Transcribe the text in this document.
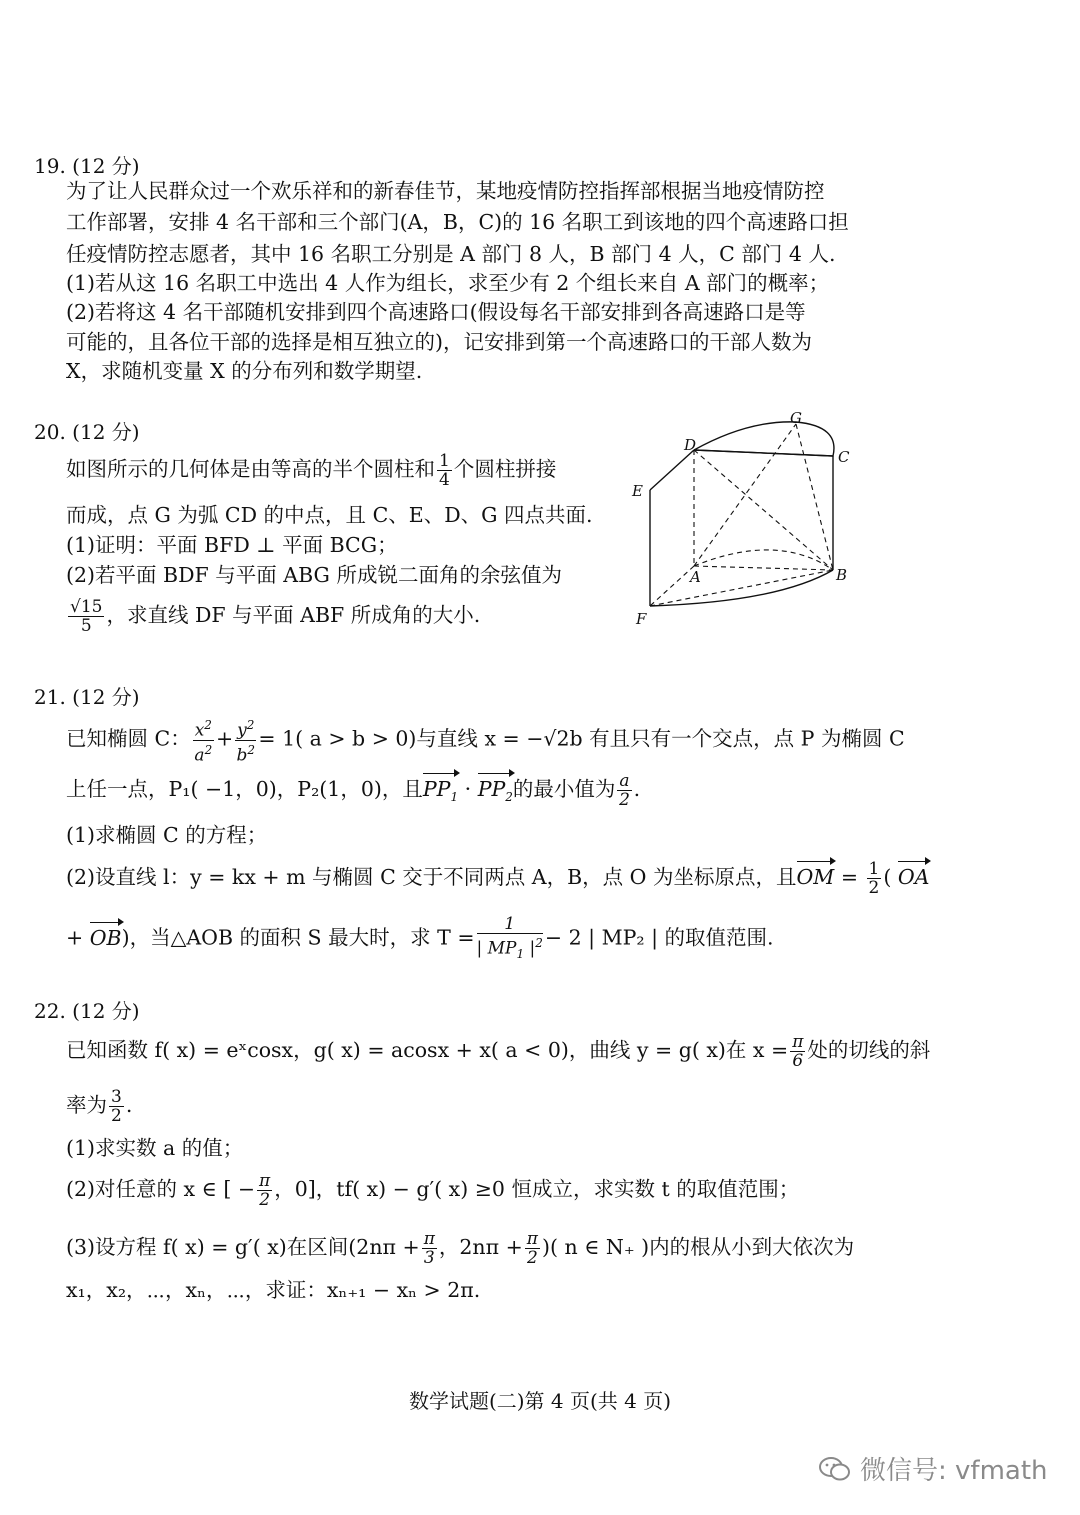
19. (12 分)
为了让人民群众过一个欢乐祥和的新春佳节，某地疫情防控指挥部根据当地疫情防控
工作部署，安排 4 名干部和三个部门(A，B，C)的 16 名职工到该地的四个高速路口担
任疫情防控志愿者，其中 16 名职工分别是 A 部门 8 人，B 部门 4 人，C 部门 4 人.
(1)若从这 16 名职工中选出 4 人作为组长，求至少有 2 个组长来自 A 部门的概率；
(2)若将这 4 名干部随机安排到四个高速路口(假设每名干部安排到各高速路口是等
可能的，且各位干部的选择是相互独立的)，记安排到第一个高速路口的干部人数为
X，求随机变量 X 的分布列和数学期望.
20. (12 分)
如图所示的几何体是由等高的半个圆柱和 $\frac{1}{4}$ 个圆柱拼接
而成，点 G 为弧 CD 的中点，且 C、E、D、G 四点共面.
(1)证明：平面 BFD ⊥ 平面 BCG；
(2)若平面 BDF 与平面 ABG 所成锐二面角的余弦值为
$\frac{√15}{5}$ ，求直线 DF 与平面 ABF 所成角的大小.
D
G
C
E
A	B
F
21. (12 分)
已知椭圆 C： $\frac{x^2}{a^2} + \frac{y^2}{b^2} = 1$( a > b > 0)与直线 x = −√2b 有且只有一个交点，点 P 为椭圆 C
上任一点，P₁( −1，0)，P₂(1，0)，且$PP_1 \cdot PP_2$的最小值为 $\frac{a}{2}$ .
(1)求椭圆 C 的方程；
(2)设直线 l：y = kx + m 与椭圆 C 交于不同两点 A，B，点 O 为坐标原点，且OM = $\frac{1}{2}$ ( OA
+ OB)，当△AOB 的面积 S 最大时，求 $T = \frac{1}{| MP_1 |^2} - 2$ | MP₂ | 的取值范围.
22. (12 分)
已知函数 f( x) = eˣcosx，g( x) = acosx + x( a < 0)，曲线 y = g( x)在 $x = \frac{\pi}{6}$ 处的切线的斜
率为 $\frac{3}{2}$ .
(1)求实数 a 的值；
(2)对任意的 x ∈ [ − $\frac{\pi}{2}$ ，0]，tf( x) − g′( x) ≥0 恒成立，求实数 t 的取值范围；
(3)设方程 f( x) = g′( x)在区间($2n\pi + \frac{\pi}{3}$ ，$2n\pi + \frac{\pi}{2}$ )( n ∈ N₊ )内的根从小到大依次为
x₁，x₂，⋯，xₙ，⋯，求证：xₙ₊₁ − xₙ > 2π.
数学试题(二)第 4 页(共 4 页)
微信号: vfmath
